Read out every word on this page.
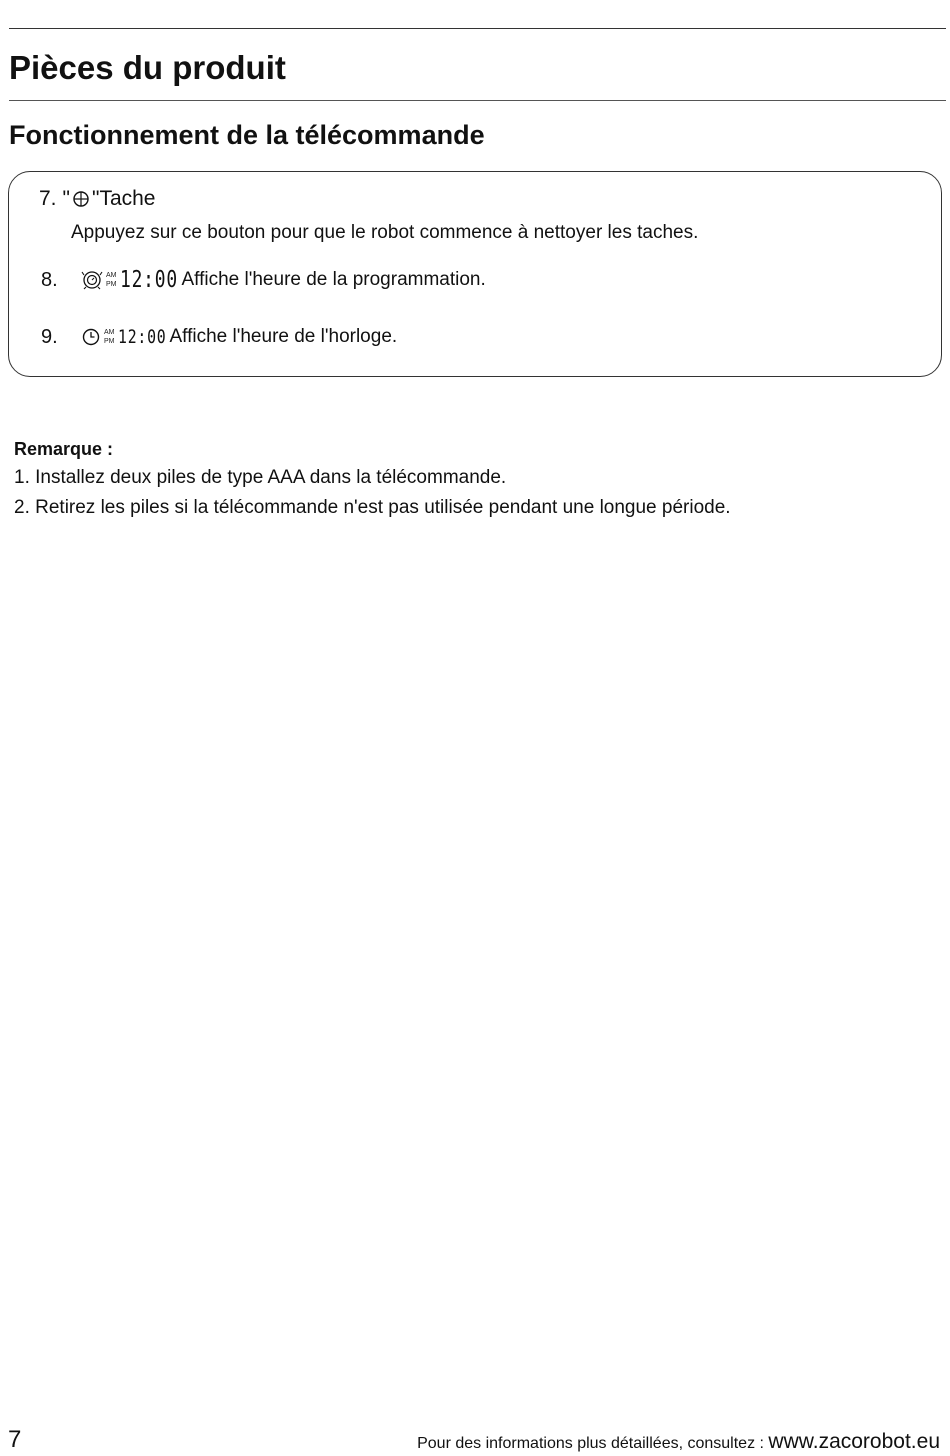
Pièces du produit
Fonctionnement de la télécommande
7. " "Tache
Appuyez sur ce bouton pour que le robot commence à nettoyer les taches.
8.	AM
PM 12:00 Affiche l'heure de la programmation.
9.	AM
PM 12:00 Affiche l'heure de l'horloge.
Remarque :
1. Installez deux piles de type AAA dans la télécommande.
2. Retirez les piles si la télécommande n'est pas utilisée pendant une longue période.
7	Pour des informations plus détaillées, consultez : www.zacorobot.eu
